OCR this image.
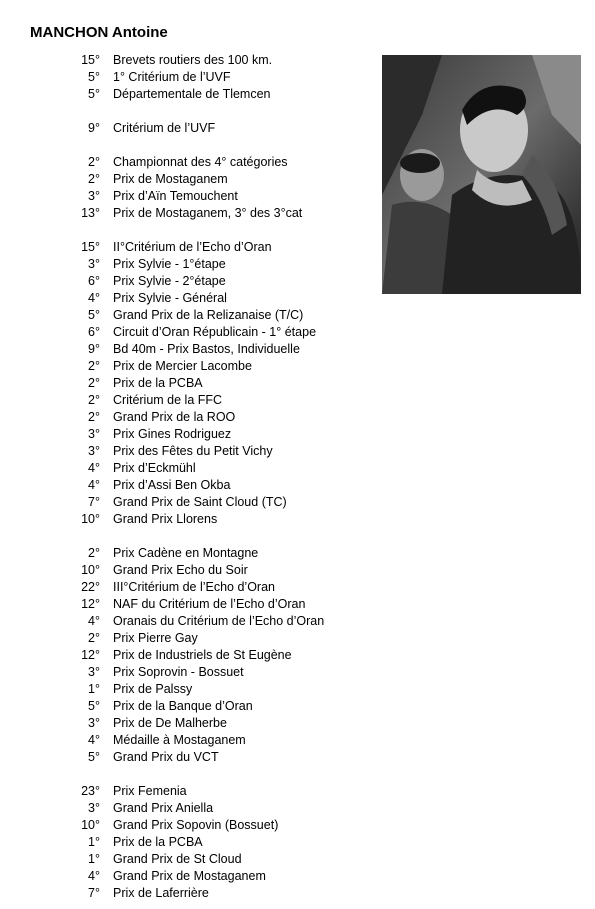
MANCHON Antoine
15° Brevets routiers des 100 km.
5° 1° Critérium de l’UVF
5° Départementale de Tlemcen
9° Critérium de l’UVF
2° Championnat des 4° catégories
2° Prix de Mostaganem
3° Prix d’Aïn Temouchent
13° Prix de Mostaganem, 3° des 3°cat
15° II°Critérium de l’Echo d’Oran
3° Prix Sylvie - 1°étape
6° Prix Sylvie - 2°étape
4° Prix Sylvie - Général
5° Grand Prix de la Relizanaise (T/C)
6° Circuit d’Oran Républicain - 1° étape
9° Bd 40m - Prix Bastos, Individuelle
2° Prix de Mercier Lacombe
2° Prix de la PCBA
2° Critérium de la FFC
2° Grand Prix de la ROO
3° Prix Gines Rodriguez
3° Prix des Fêtes du Petit Vichy
4° Prix d’Eckmühl
4° Prix d’Assi Ben Okba
7° Grand Prix de Saint Cloud (TC)
10° Grand Prix Llorens
2° Prix Cadène en Montagne
10° Grand Prix Echo du Soir
22° III°Critérium de l’Echo d’Oran
12° NAF du Critérium de l’Echo d’Oran
4° Oranais du Critérium de l’Echo d’Oran
2° Prix Pierre Gay
12° Prix de Industriels de St Eugène
3° Prix Soprovin - Bossuet
1° Prix de Palssy
5° Prix de la Banque d’Oran
3° Prix de De Malherbe
4° Médaille à Mostaganem
5° Grand Prix du VCT
23° Prix Femenia
3° Grand Prix Aniella
10° Grand Prix Sopovin (Bossuet)
1° Prix de la PCBA
1° Grand Prix de St Cloud
4° Grand Prix de Mostaganem
7° Prix de Laferrière
